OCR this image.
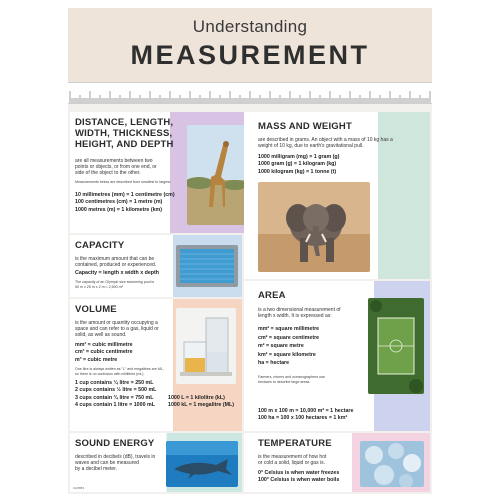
Understanding
MEASUREMENT
DISTANCE, LENGTH,
WIDTH, THICKNESS,
HEIGHT, AND DEPTH
are all measurements between two
points or objects, or from one end, or
side of the object to the other.
Measurements below are described from smallest to largest.
10 millimetres (mm) = 1 centimetre (cm)
100 centimetres (cm) = 1 metre (m)
1000 metres (m) = 1 kilometre (km)
MASS AND WEIGHT
are described in grams. An object with a mass of 10 kg has a
weight of 10 kg, due to earth's gravitational pull.
1000 milligram (mg) = 1 gram (g)
1000 gram (g) = 1 kilogram (kg)
1000 kilogram (kg) = 1 tonne (t)
CAPACITY
is the maximum amount that can be
contained, produced or experienced.
Capacity = length x width x depth
The capacity of an Olympic size swimming pool is
50 m x 25 m x 2 m = 2,500 m³
AREA
is a two dimensional measurement of
length x width. It is expressed as:
mm² = square millimetre
cm² = square centimetre
m² = square metre
km² = square kilometre
ha = hectare
Farmers, miners and oceanographers use
hectares to describe large areas.
100 m x 100 m = 10,000 m² = 1 hectare
100 ha = 100 x 100 hectares = 1 km²
VOLUME
is the amount or quantity occupying a
space and can refer to a gas, liquid or
solid, as well as sound.
mm³ = cubic millimetre
cm³ = cubic centimetre
m³ = cubic metre
One litre is always written as "L" and megalitres are ML,
so there is no confusion with millilitres (mL).
1 cup contains ¼ litre = 250 mL
2 cups contains ½ litre = 500 mL
3 cups contain ¾ litre = 750 mL
4 cups contain 1 litre = 1000 mL
1000 L = 1 kilolitre (kL)
1000 kL = 1 megalitre (ML)
SOUND ENERGY
described in decibels (dB), travels in
waves and can be measured
by a decibel meter.
CH5883
TEMPERATURE
is the measurement of how hot
or cold a solid, liquid or gas is.
0° Celsius is when water freezes
100° Celsius is when water boils
